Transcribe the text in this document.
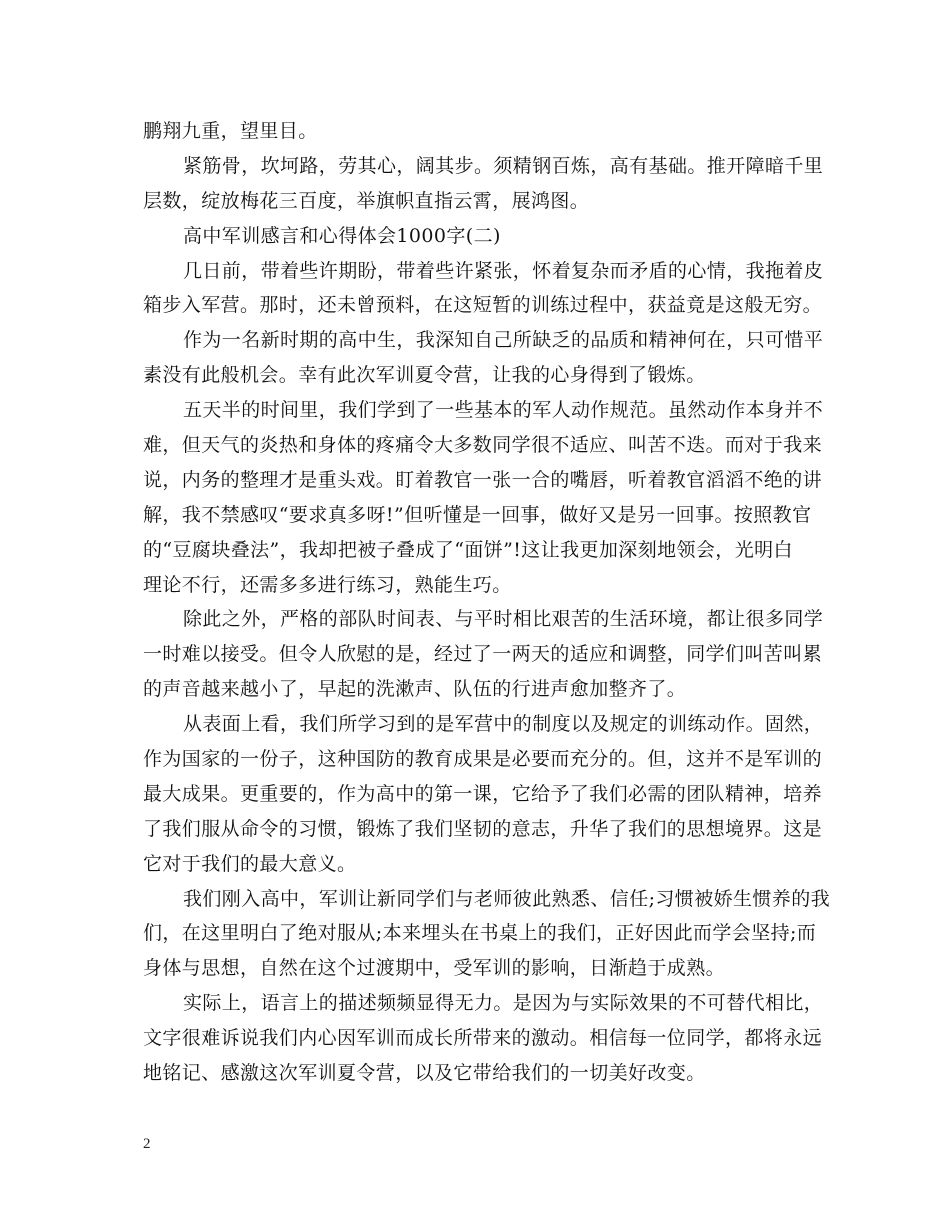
鹏翔九重，望里目。
紧筋骨，坎坷路，劳其心，阔其步。须精钢百炼，高有基础。推开障暗千里
层数，绽放梅花三百度，举旗帜直指云霄，展鸿图。
高中军训感言和心得体会1000字(二)
几日前，带着些许期盼，带着些许紧张，怀着复杂而矛盾的心情，我拖着皮
箱步入军营。那时，还未曾预料，在这短暂的训练过程中，获益竟是这般无穷。
作为一名新时期的高中生，我深知自己所缺乏的品质和精神何在，只可惜平
素没有此般机会。幸有此次军训夏令营，让我的心身得到了锻炼。
五天半的时间里，我们学到了一些基本的军人动作规范。虽然动作本身并不
难，但天气的炎热和身体的疼痛令大多数同学很不适应、叫苦不迭。而对于我来
说，内务的整理才是重头戏。盯着教官一张一合的嘴唇，听着教官滔滔不绝的讲
解，我不禁感叹“要求真多呀!”但听懂是一回事，做好又是另一回事。按照教官
的“豆腐块叠法”，我却把被子叠成了“面饼”!这让我更加深刻地领会，光明白
理论不行，还需多多进行练习，熟能生巧。
除此之外，严格的部队时间表、与平时相比艰苦的生活环境，都让很多同学
一时难以接受。但令人欣慰的是，经过了一两天的适应和调整，同学们叫苦叫累
的声音越来越小了，早起的洗漱声、队伍的行进声愈加整齐了。
从表面上看，我们所学习到的是军营中的制度以及规定的训练动作。固然，
作为国家的一份子，这种国防的教育成果是必要而充分的。但，这并不是军训的
最大成果。更重要的，作为高中的第一课，它给予了我们必需的团队精神，培养
了我们服从命令的习惯，锻炼了我们坚韧的意志，升华了我们的思想境界。这是
它对于我们的最大意义。
我们刚入高中，军训让新同学们与老师彼此熟悉、信任;习惯被娇生惯养的我
们，在这里明白了绝对服从;本来埋头在书桌上的我们，正好因此而学会坚持;而
身体与思想，自然在这个过渡期中，受军训的影响，日渐趋于成熟。
实际上，语言上的描述频频显得无力。是因为与实际效果的不可替代相比，
文字很难诉说我们内心因军训而成长所带来的激动。相信每一位同学，都将永远
地铭记、感激这次军训夏令营，以及它带给我们的一切美好改变。
2
